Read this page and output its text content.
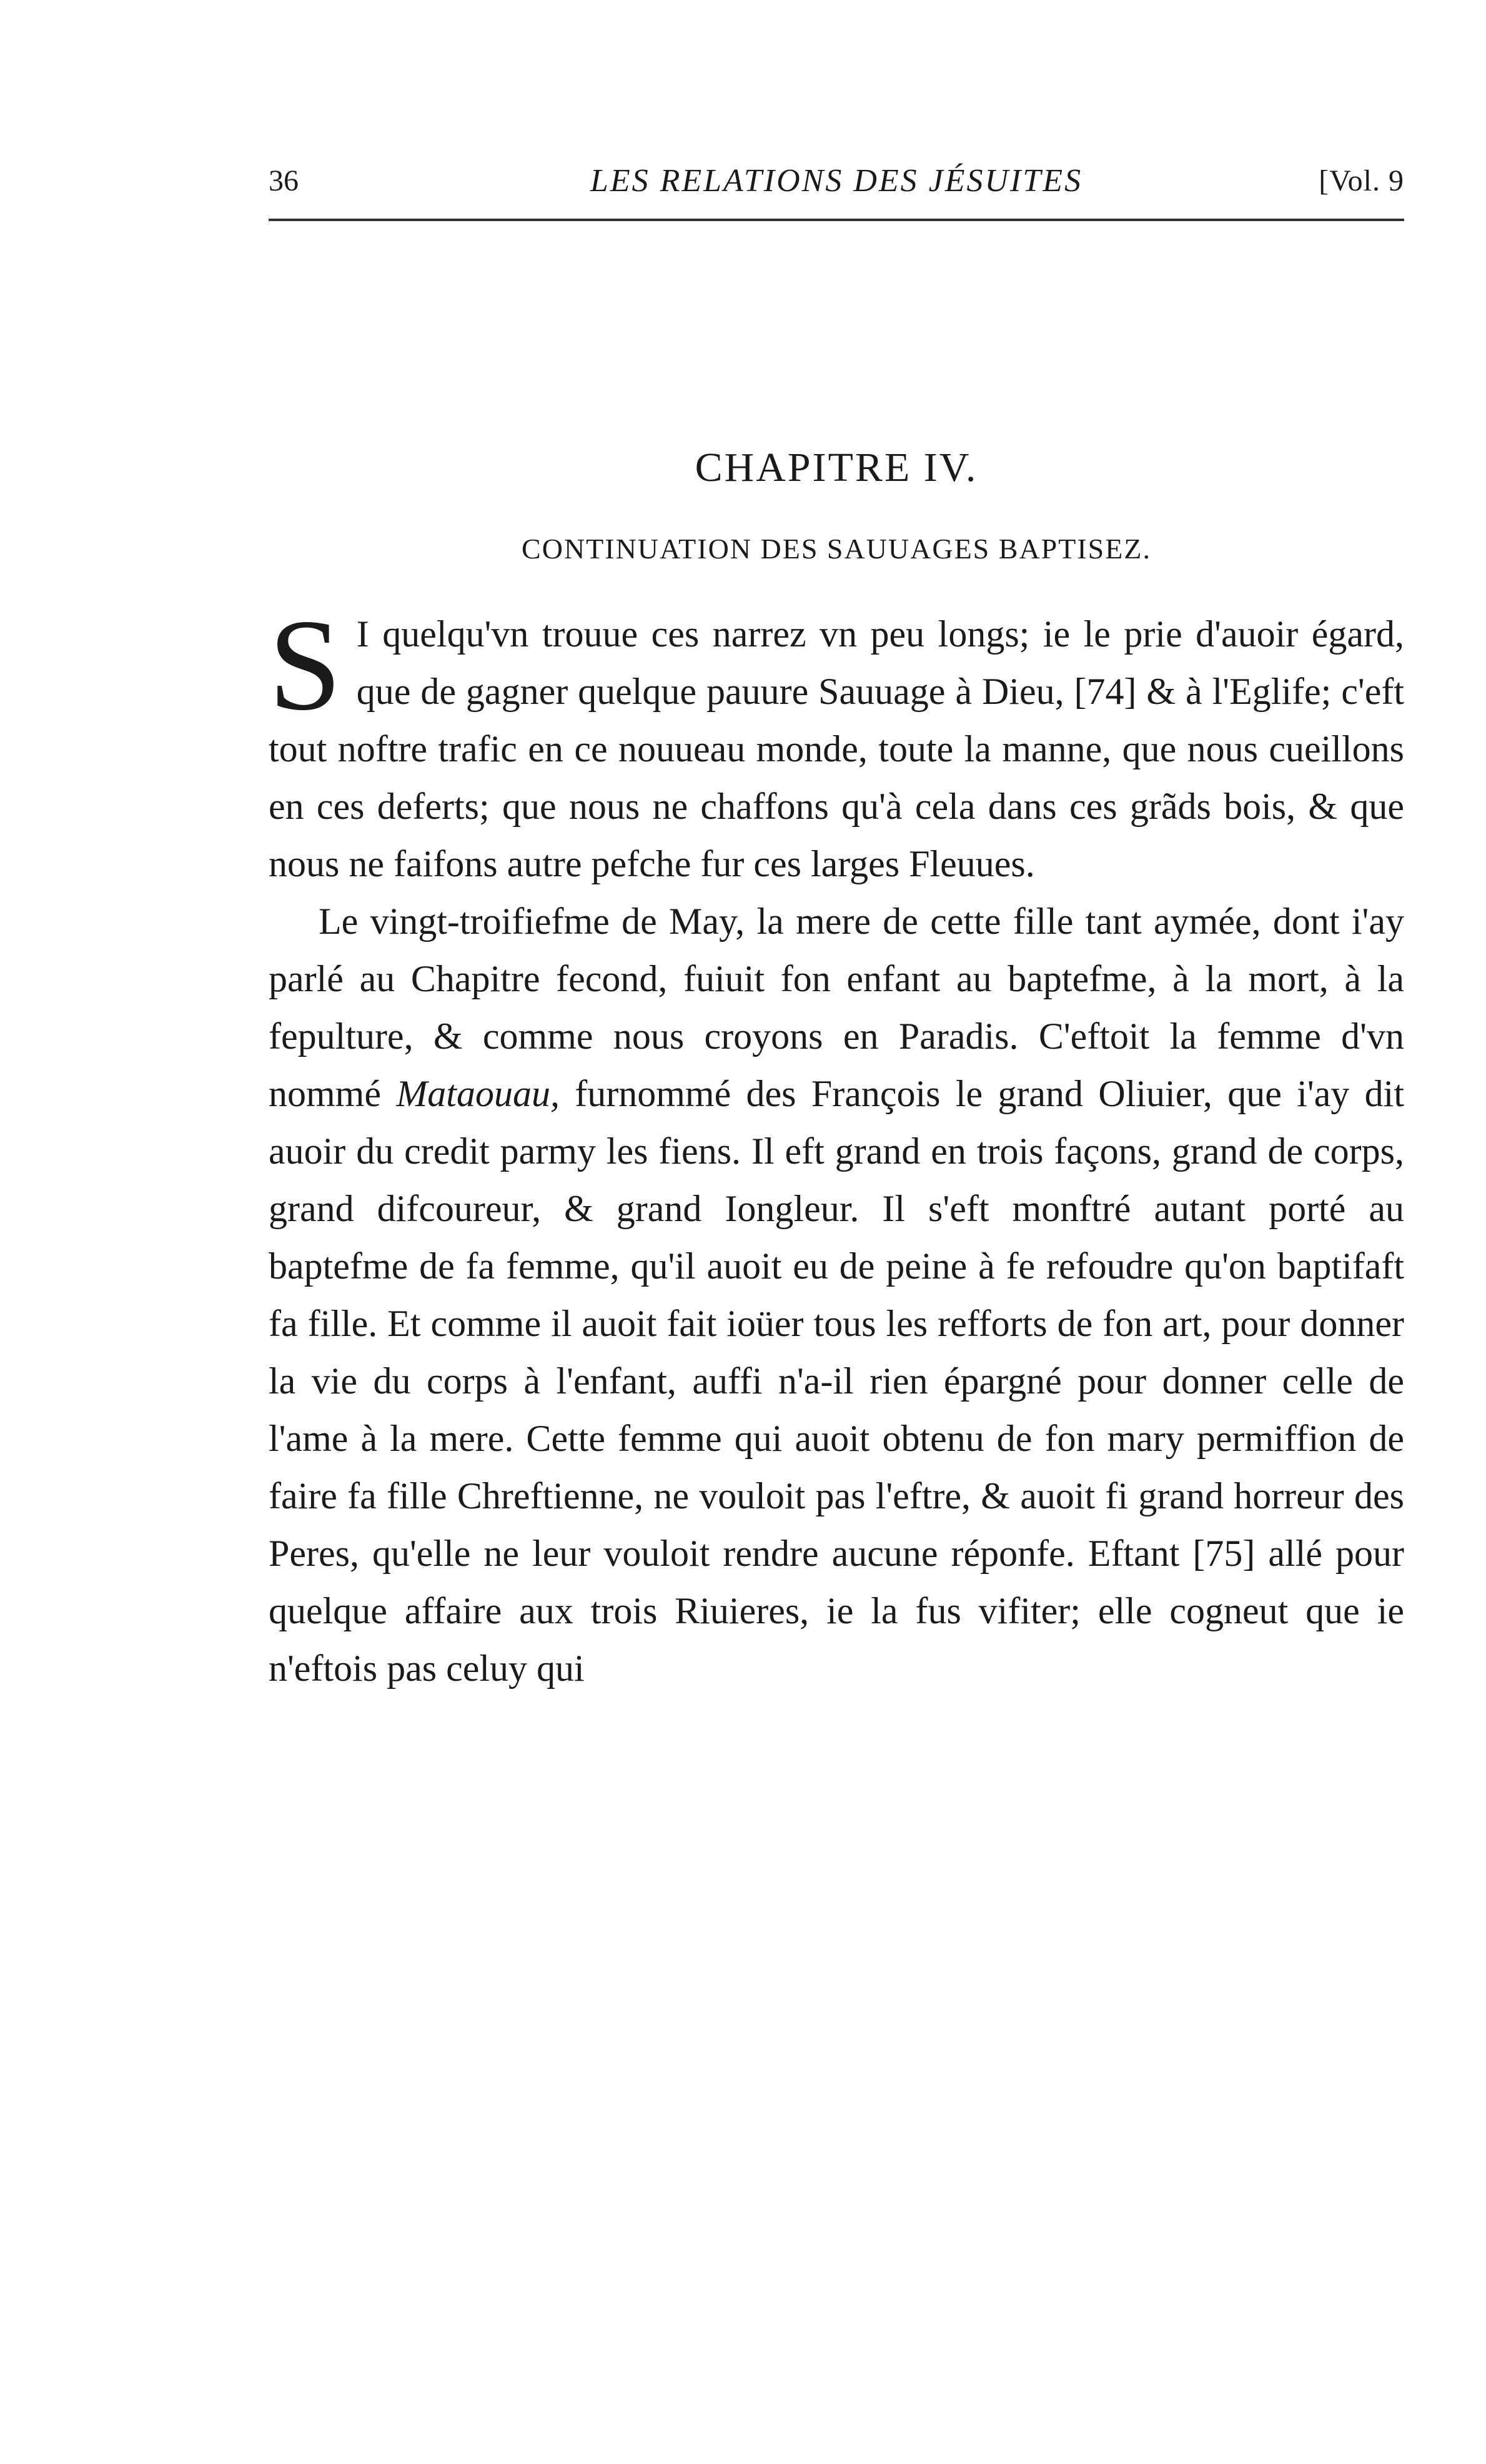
36	LES RELATIONS DES JÉSUITES	[Vol. 9
CHAPITRE IV.
CONTINUATION DES SAUUAGES BAPTISEZ.

S I quelqu'vn trouue ces narrez vn peu longs; ie le prie d'auoir égard, que de gagner quelque pauure Sauuage à Dieu, [74] & à l'Eglife; c'eft tout noftre trafic en ce nouueau monde, toute la manne, que nous cueillons en ces deferts; que nous ne chaffons qu'à cela dans ces grãds bois, & que nous ne faifons autre pefche fur ces larges Fleuues.

Le vingt-troifiefme de May, la mere de cette fille tant aymée, dont i'ay parlé au Chapitre fecond, fuiuit fon enfant au baptefme, à la mort, à la fepulture, & comme nous croyons en Paradis. C'eftoit la femme d'vn nommé Mataouau, furnommé des François le grand Oliuier, que i'ay dit auoir du credit parmy les fiens. Il eft grand en trois façons, grand de corps, grand difcoureur, & grand Iongleur. Il s'eft monftré autant porté au baptefme de fa femme, qu'il auoit eu de peine à fe refoudre qu'on baptifaft fa fille. Et comme il auoit fait ioüer tous les refforts de fon art, pour donner la vie du corps à l'enfant, auffi n'a-il rien épargné pour donner celle de l'ame à la mere. Cette femme qui auoit obtenu de fon mary permiffion de faire fa fille Chreftienne, ne vouloit pas l'eftre, & auoit fi grand horreur des Peres, qu'elle ne leur vouloit rendre aucune réponfe. Eftant [75] allé pour quelque affaire aux trois Riuieres, ie la fus vifiter; elle cogneut que ie n'eftois pas celuy qui
